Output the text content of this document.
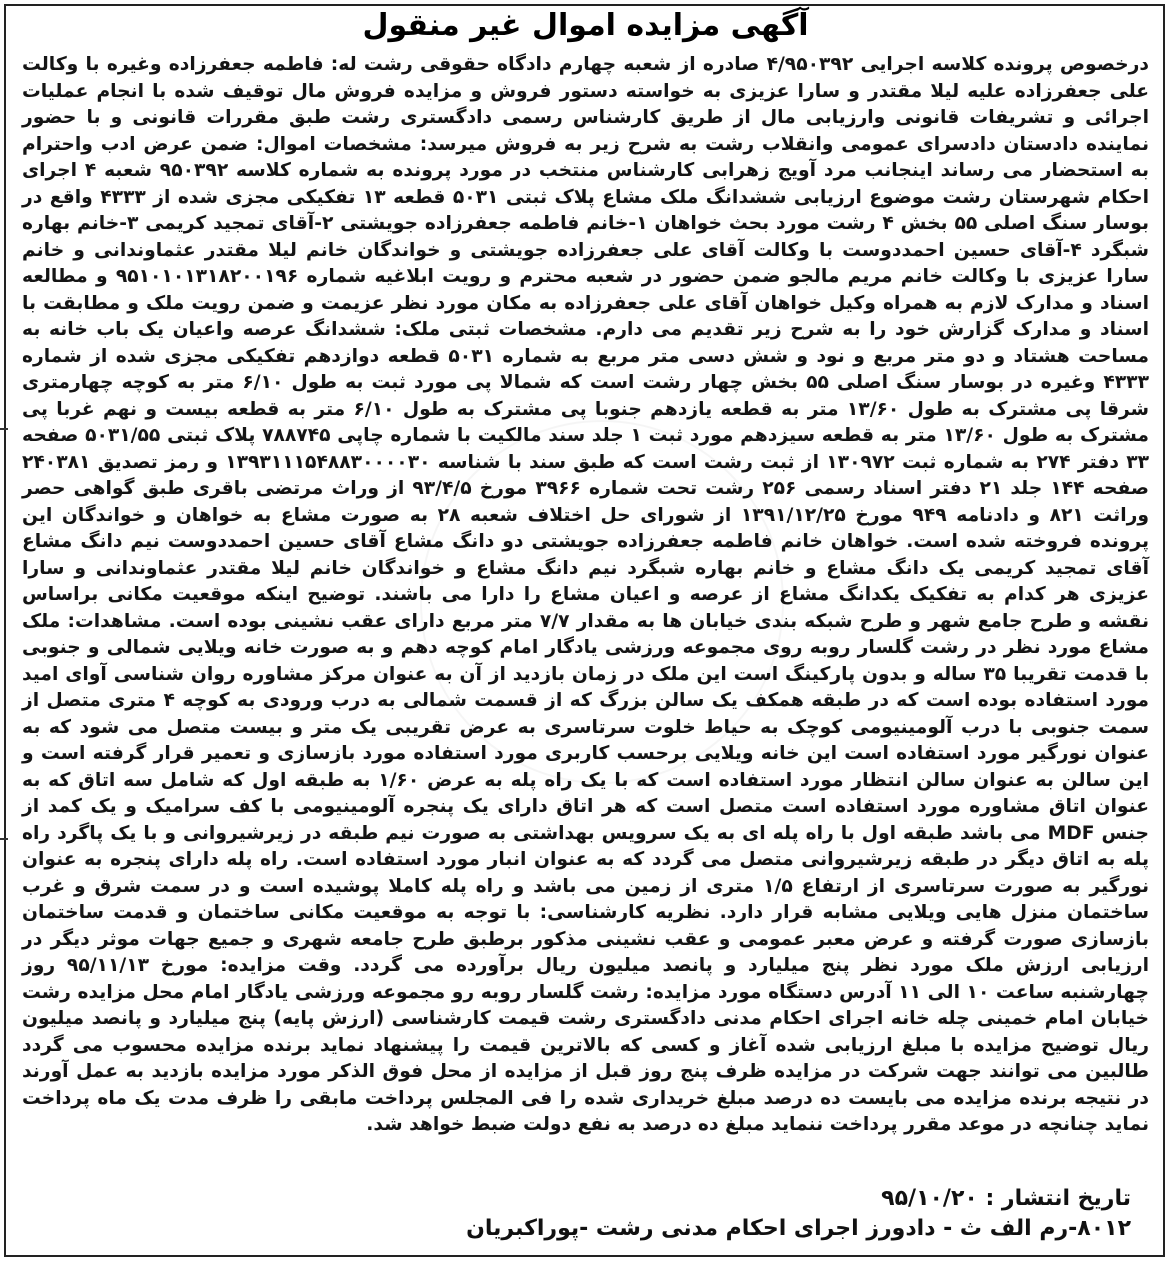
آگهی مزایده اموال غیر منقول
درخصوص پرونده کلاسه اجرایی ۴/۹۵۰۳۹۲ صادره از شعبه چهارم دادگاه حقوقی رشت له: فاطمه جعفرزاده وغیره با وکالت علی جعفرزاده علیه لیلا مقتدر و سارا عزیزی به خواسته دستور فروش و مزایده فروش مال توقیف شده با انجام عملیات اجرائی و تشریفات قانونی وارزیابی مال از طریق کارشناس رسمی دادگستری رشت طبق مقررات قانونی و با حضور نماینده دادستان دادسرای عمومی وانقلاب رشت به شرح زیر به فروش میرسد: مشخصات اموال: ضمن عرض ادب واحترام به استحضار می رساند اینجانب مرد آویج زهرابی کارشناس منتخب در مورد پرونده به شماره کلاسه ۹۵۰۳۹۲ شعبه ۴ اجرای احکام شهرستان رشت موضوع ارزیابی ششدانگ ملک مشاع پلاک ثبتی ۵۰۳۱ قطعه ۱۳ تفکیکی مجزی شده از ۴۳۳۳ واقع در بوسار سنگ اصلی ۵۵ بخش ۴ رشت مورد بحث خواهان ۱-خانم فاطمه جعفرزاده جویشتی ۲-آقای تمجید کریمی ۳-خانم بهاره شبگرد ۴-آقای حسین احمددوست با وکالت آقای علی جعفرزاده جویشتی و خواندگان خانم لیلا مقتدر عثماوندانی و خانم سارا عزیزی با وکالت خانم مریم مالجو ضمن حضور در شعبه محترم و رویت ابلاغیه شماره ۹۵۱۰۱۰۱۳۱۸۲۰۰۱۹۶ و مطالعه اسناد و مدارک لازم به همراه وکیل خواهان آقای علی جعفرزاده به مکان مورد نظر عزیمت و ضمن رویت ملک و مطابقت با اسناد و مدارک گزارش خود را به شرح زیر تقدیم می دارم. مشخصات ثبتی ملک: ششدانگ عرصه واعیان یک باب خانه به مساحت هشتاد و دو متر مربع و نود و شش دسی متر مربع به شماره ۵۰۳۱ قطعه دوازدهم تفکیکی مجزی شده از شماره ۴۳۳۳ وغیره در بوسار سنگ اصلی ۵۵ بخش چهار رشت است که شمالا پی مورد ثبت به طول ۶/۱۰ متر به کوچه چهارمتری شرقا پی مشترک به طول ۱۳/۶۰ متر به قطعه یازدهم جنوبا پی مشترک به طول ۶/۱۰ متر به قطعه بیست و نهم غربا پی مشترک به طول ۱۳/۶۰ متر به قطعه سیزدهم مورد ثبت ۱ جلد سند مالکیت با شماره چاپی ۷۸۸۷۴۵ پلاک ثبتی ۵۰۳۱/۵۵ صفحه ۳۳ دفتر ۲۷۴ به شماره ثبت ۱۳۰۹۷۲ از ثبت رشت است که طبق سند با شناسه ۱۳۹۳۱۱۱۵۴۸۸۳۰۰۰۰۳۰ و رمز تصدیق ۲۴۰۳۸۱ صفحه ۱۴۴ جلد ۲۱ دفتر اسناد رسمی ۲۵۶ رشت تحت شماره ۳۹۶۶ مورخ ۹۳/۴/۵ از وراث مرتضی باقری طبق گواهی حصر وراثت ۸۲۱ و دادنامه ۹۴۹ مورخ ۱۳۹۱/۱۲/۲۵ از شورای حل اختلاف شعبه ۲۸ به صورت مشاع به خواهان و خواندگان این پرونده فروخته شده است. خواهان خانم فاطمه جعفرزاده جویشتی دو دانگ مشاع آقای حسین احمددوست نیم دانگ مشاع آقای تمجید کریمی یک دانگ مشاع و خانم بهاره شبگرد نیم دانگ مشاع و خواندگان خانم لیلا مقتدر عثماوندانی و سارا عزیزی هر کدام به تفکیک یکدانگ مشاع از عرصه و اعیان مشاع را دارا می باشند. توضیح اینکه موقعیت مکانی براساس نقشه و طرح جامع شهر و طرح شبکه بندی خیابان ها به مقدار ۷/۷ متر مربع دارای عقب نشینی بوده است. مشاهدات: ملک مشاع مورد نظر در رشت گلسار روبه روی مجموعه ورزشی یادگار امام کوچه دهم و به صورت خانه ویلایی شمالی و جنوبی با قدمت تقریبا ۳۵ ساله و بدون پارکینگ است این ملک در زمان بازدید از آن به عنوان مرکز مشاوره روان شناسی آوای امید مورد استفاده بوده است که در طبقه همکف یک سالن بزرگ که از قسمت شمالی به درب ورودی به کوچه ۴ متری متصل از سمت جنوبی با درب آلومینیومی کوچک به حیاط خلوت سرتاسری به عرض تقریبی یک متر و بیست متصل می شود که به عنوان نورگیر مورد استفاده است این خانه ویلایی برحسب کاربری مورد استفاده مورد بازسازی و تعمیر قرار گرفته است و این سالن به عنوان سالن انتظار مورد استفاده است که با یک راه پله به عرض ۱/۶۰ به طبقه اول که شامل سه اتاق که به عنوان اتاق مشاوره مورد استفاده است متصل است که هر اتاق دارای یک پنجره آلومینیومی با کف سرامیک و یک کمد از جنس MDF می باشد طبقه اول با راه پله ای به یک سرویس بهداشتی به صورت نیم طبقه در زیرشیروانی و با یک پاگرد راه پله به اتاق دیگر در طبقه زیرشیروانی متصل می گردد که به عنوان انبار مورد استفاده است. راه پله دارای پنجره به عنوان نورگیر به صورت سرتاسری از ارتفاع ۱/۵ متری از زمین می باشد و راه پله کاملا پوشیده است و در سمت شرق و غرب ساختمان منزل هایی ویلایی مشابه قرار دارد. نظریه کارشناسی: با توجه به موقعیت مکانی ساختمان و قدمت ساختمان بازسازی صورت گرفته و عرض معبر عمومی و عقب نشینی مذکور برطبق طرح جامعه شهری و جمیع جهات موثر دیگر در ارزیابی ارزش ملک مورد نظر پنج میلیارد و پانصد میلیون ریال برآورده می گردد. وقت مزایده: مورخ ۹۵/۱۱/۱۳ روز چهارشنبه ساعت ۱۰ الی ۱۱ آدرس دستگاه مورد مزایده: رشت گلسار روبه رو مجموعه ورزشی یادگار امام محل مزایده رشت خیابان امام خمینی چله خانه اجرای احکام مدنی دادگستری رشت قیمت کارشناسی (ارزش پایه) پنج میلیارد و پانصد میلیون ریال توضیح مزایده با مبلغ ارزیابی شده آغاز و کسی که بالاترین قیمت را پیشنهاد نماید برنده مزایده محسوب می گردد طالبین می توانند جهت شرکت در مزایده ظرف پنج روز قبل از مزایده از محل فوق الذکر مورد مزایده بازدید به عمل آورند در نتیجه برنده مزایده می بایست ده درصد مبلغ خریداری شده را فی المجلس پرداخت مابقی را ظرف مدت یک ماه پرداخت نماید چنانچه در موعد مقرر پرداخت ننماید مبلغ ده درصد به نفع دولت ضبط خواهد شد.
تاریخ انتشار : ۹۵/۱۰/۲۰
۸۰۱۲-رم الف ث - دادورز اجرای احکام مدنی رشت -پوراکبریان
